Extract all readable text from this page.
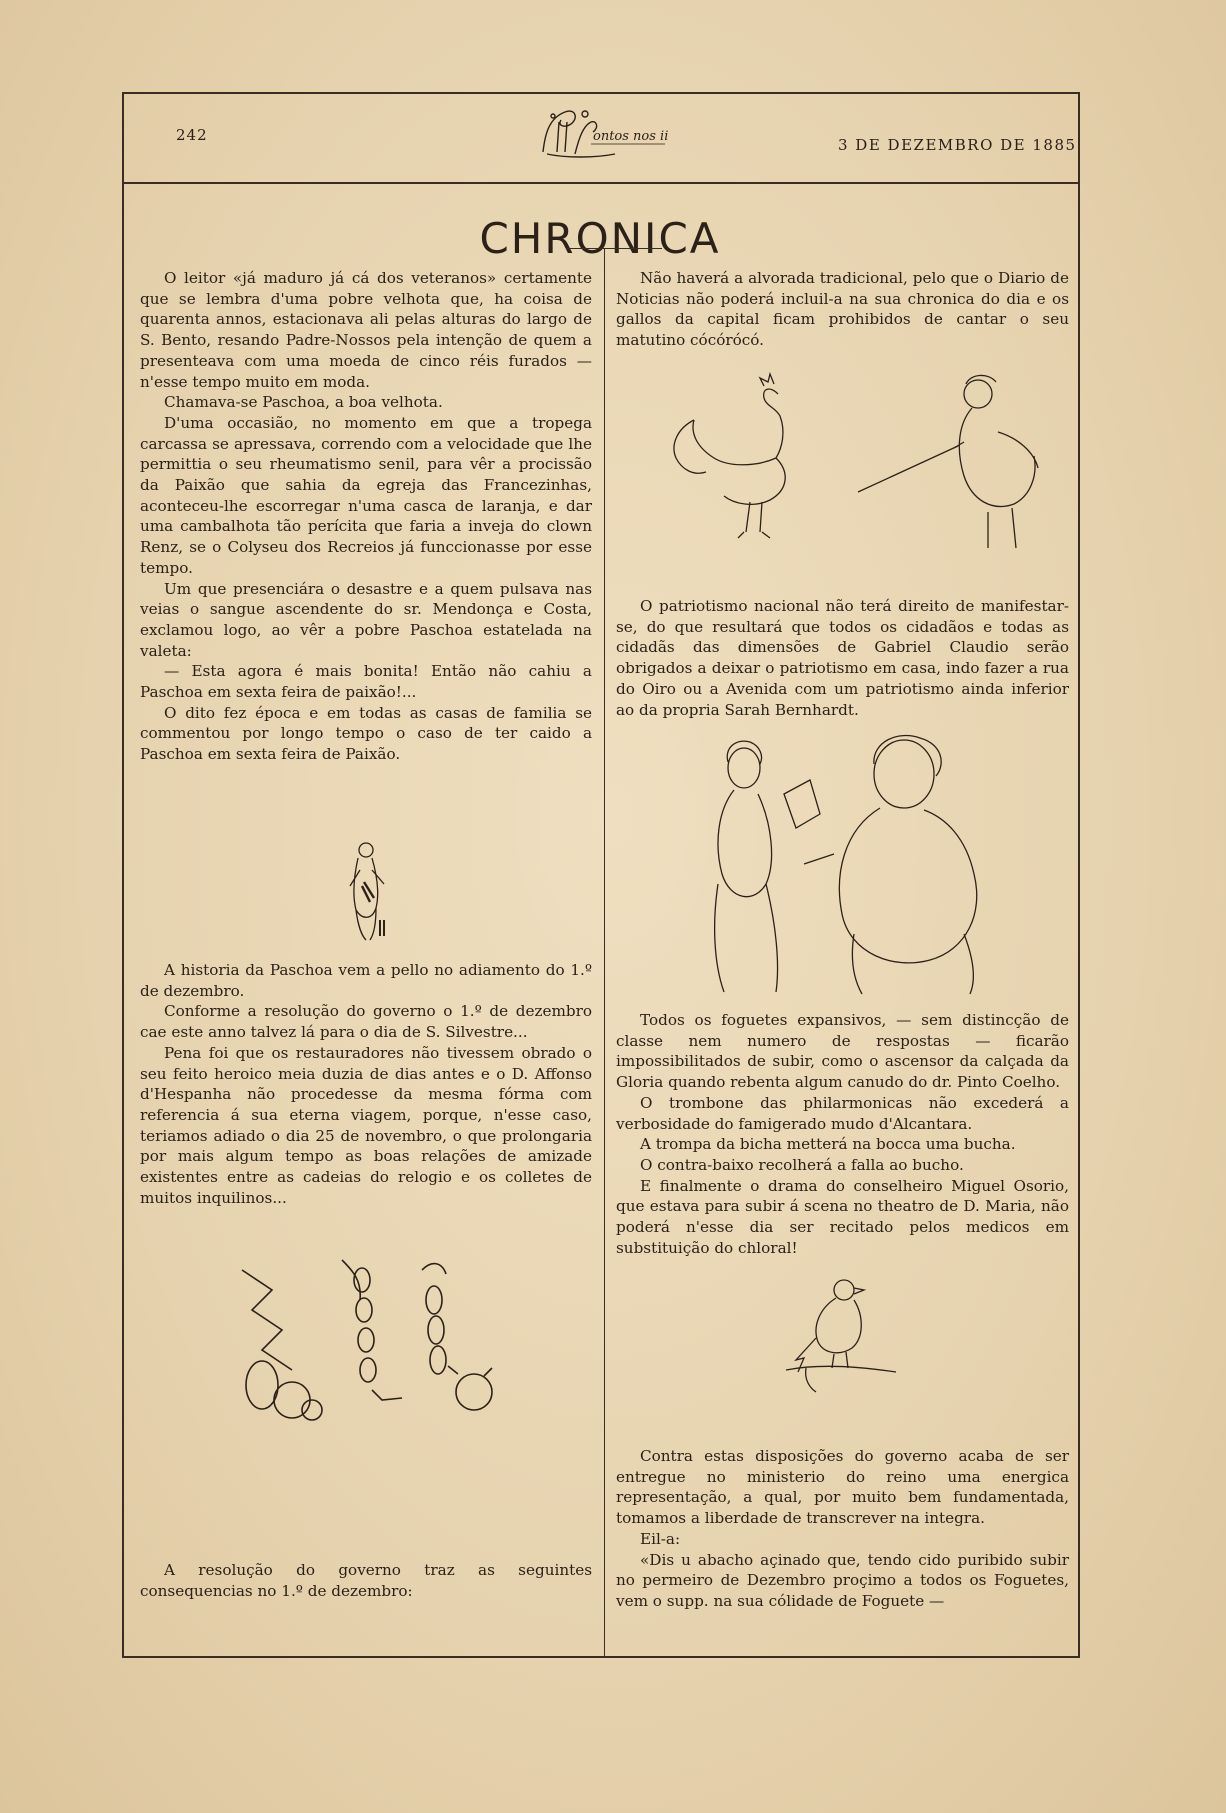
242	ontos nos ii	3 DE DEZEMBRO DE 1885
CHRONICA

O leitor «já maduro já cá dos veteranos» certamente que se lembra d'uma pobre velhota que, ha coisa de quarenta annos, estacionava ali pelas alturas do largo de S. Bento, resando Padre-Nossos pela intenção de quem a presenteava com uma moeda de cinco réis furados — n'esse tempo muito em moda.

Chamava-se Paschoa, a boa velhota.

D'uma occasião, no momento em que a tropega carcassa se apressava, correndo com a velocidade que lhe permittia o seu rheumatismo senil, para vêr a procissão da Paixão que sahia da egreja das Francezinhas, aconteceu-lhe escorregar n'uma casca de laranja, e dar uma cambalhota tão perícita que faria a inveja do clown Renz, se o Colyseu dos Recreios já funccionasse por esse tempo.

Um que presenciára o desastre e a quem pulsava nas veias o sangue ascendente do sr. Mendonça e Costa, exclamou logo, ao vêr a pobre Paschoa estatelada na valeta:

— Esta agora é mais bonita! Então não cahiu a Paschoa em sexta feira de paixão!...

O dito fez época e em todas as casas de familia se commentou por longo tempo o caso de ter caido a Paschoa em sexta feira de Paixão.

A historia da Paschoa vem a pello no adiamento do 1.º de dezembro.

Conforme a resolução do governo o 1.º de dezembro cae este anno talvez lá para o dia de S. Silvestre...

Pena foi que os restauradores não tivessem obrado o seu feito heroico meia duzia de dias antes e o D. Affonso d'Hespanha não procedesse da mesma fórma com referencia á sua eterna viagem, porque, n'esse caso, teriamos adiado o dia 25 de novembro, o que prolongaria por mais algum tempo as boas relações de amizade existentes entre as cadeias do relogio e os colletes de muitos inquilinos...

A resolução do governo traz as seguintes consequencias no 1.º de dezembro:

Não haverá a alvorada tradicional, pelo que o Diario de Noticias não poderá incluil-a na sua chronica do dia e os gallos da capital ficam prohibidos de cantar o seu matutino cócórócó.

O patriotismo nacional não terá direito de manifestar-se, do que resultará que todos os cidadãos e todas as cidadãs das dimensões de Gabriel Claudio serão obrigados a deixar o patriotismo em casa, indo fazer a rua do Oiro ou a Avenida com um patriotismo ainda inferior ao da propria Sarah Bernhardt.

Todos os foguetes expansivos, — sem distincção de classe nem numero de respostas — ficarão impossibilitados de subir, como o ascensor da calçada da Gloria quando rebenta algum canudo do dr. Pinto Coelho.

O trombone das philarmonicas não excederá a verbosidade do famigerado mudo d'Alcantara.

A trompa da bicha metterá na bocca uma bucha.

O contra-baixo recolherá a falla ao bucho.

E finalmente o drama do conselheiro Miguel Osorio, que estava para subir á scena no theatro de D. Maria, não poderá n'esse dia ser recitado pelos medicos em substituição do chloral!

Contra estas disposições do governo acaba de ser entregue no ministerio do reino uma energica representação, a qual, por muito bem fundamentada, tomamos a liberdade de transcrever na integra.

Eil-a:

«Dis u abacho açinado que, tendo cido puribido subir no permeiro de Dezembro proçimo a todos os Foguetes, vem o supp. na sua cólidade de Foguete —
